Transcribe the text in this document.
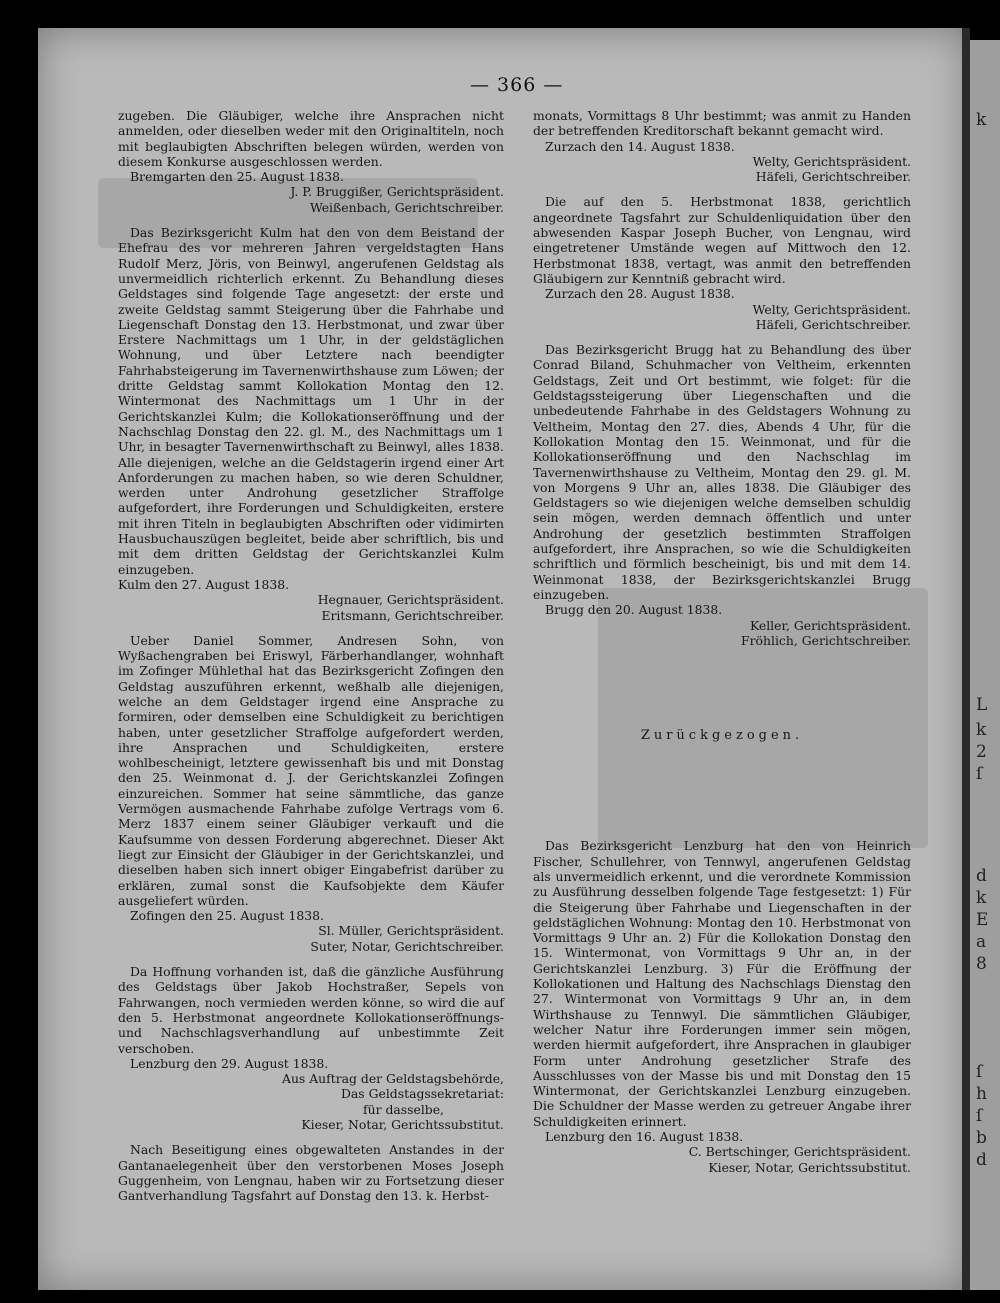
k
L
k
2
ſ
d
k
E
a
8
ſ
h
ſ
b
d
— 366 —

zugeben. Die Gläubiger, welche ihre Ansprachen nicht anmelden, oder dieselben weder mit den Originaltiteln, noch mit beglaubigten Abschriften belegen würden, werden von diesem Konkurse ausgeschlossen werden.

Bremgarten den 25. August 1838.

J. P. Bruggißer, Gerichtspräsident.

Weißenbach, Gerichtschreiber.

Das Bezirksgericht Kulm hat den von dem Beistand der Ehefrau des vor mehreren Jahren vergeldstagten Hans Rudolf Merz, Jöris, von Beinwyl, angerufenen Geldstag als unvermeidlich richterlich erkennt. Zu Behandlung dieses Geldstages sind folgende Tage angesetzt: der erste und zweite Geldstag sammt Steigerung über die Fahrhabe und Liegenschaft Donstag den 13. Herbstmonat, und zwar über Erstere Nachmittags um 1 Uhr, in der geldstäglichen Wohnung, und über Letztere nach beendigter Fahrhabsteigerung im Tavernenwirthshause zum Löwen; der dritte Geldstag sammt Kollokation Montag den 12. Wintermonat des Nachmittags um 1 Uhr in der Gerichtskanzlei Kulm; die Kollokationseröffnung und der Nachschlag Donstag den 22. gl. M., des Nachmittags um 1 Uhr, in besagter Tavernenwirthschaft zu Beinwyl, alles 1838. Alle diejenigen, welche an die Geldstagerin irgend einer Art Anforderungen zu machen haben, so wie deren Schuldner, werden unter Androhung gesetzlicher Straffolge aufgefordert, ihre Forderungen und Schuldigkeiten, erstere mit ihren Titeln in beglaubigten Abschriften oder vidimirten Hausbuchauszügen begleitet, beide aber schriftlich, bis und mit dem dritten Geldstag der Gerichtskanzlei Kulm einzugeben.

Kulm den 27. August 1838.

Hegnauer, Gerichtspräsident.

Eritsmann, Gerichtschreiber.

Ueber Daniel Sommer, Andresen Sohn, von Wyßachengraben bei Eriswyl, Färberhandlanger, wohnhaft im Zofinger Mühlethal hat das Bezirksgericht Zofingen den Geldstag auszuführen erkennt, weßhalb alle diejenigen, welche an dem Geldstager irgend eine Ansprache zu formiren, oder demselben eine Schuldigkeit zu berichtigen haben, unter gesetzlicher Straffolge aufgefordert werden, ihre Ansprachen und Schuldigkeiten, erstere wohlbescheinigt, letztere gewissenhaft bis und mit Donstag den 25. Weinmonat d. J. der Gerichtskanzlei Zofingen einzureichen. Sommer hat seine sämmtliche, das ganze Vermögen ausmachende Fahrhabe zufolge Vertrags vom 6. Merz 1837 einem seiner Gläubiger verkauft und die Kaufsumme von dessen Forderung abgerechnet. Dieser Akt liegt zur Einsicht der Gläubiger in der Gerichtskanzlei, und dieselben haben sich innert obiger Eingabefrist darüber zu erklären, zumal sonst die Kaufsobjekte dem Käufer ausgeliefert würden.

Zofingen den 25. August 1838.

Sl. Müller, Gerichtspräsident.

Suter, Notar, Gerichtschreiber.

Da Hoffnung vorhanden ist, daß die gänzliche Ausführung des Geldstags über Jakob Hochstraßer, Sepels von Fahrwangen, noch vermieden werden könne, so wird die auf den 5. Herbstmonat angeordnete Kollokationseröffnungs- und Nachschlagsverhandlung auf unbestimmte Zeit verschoben.

Lenzburg den 29. August 1838.

Aus Auftrag der Geldstagsbehörde,

Das Geldstagssekretariat:

für dasselbe,

Kieser, Notar, Gerichtssubstitut.

Nach Beseitigung eines obgewalteten Anstandes in der Gantanaelegenheit über den verstorbenen Moses Joseph Guggenheim, von Lengnau, haben wir zu Fortsetzung dieser Gantverhandlung Tagsfahrt auf Donstag den 13. k. Herbst-

monats, Vormittags 8 Uhr bestimmt; was anmit zu Handen der betreffenden Kreditorschaft bekannt gemacht wird.

Zurzach den 14. August 1838.

Welty, Gerichtspräsident.

Häfeli, Gerichtschreiber.

Die auf den 5. Herbstmonat 1838, gerichtlich angeordnete Tagsfahrt zur Schuldenliquidation über den abwesenden Kaspar Joseph Bucher, von Lengnau, wird eingetretener Umstände wegen auf Mittwoch den 12. Herbstmonat 1838, vertagt, was anmit den betreffenden Gläubigern zur Kenntniß gebracht wird.

Zurzach den 28. August 1838.

Welty, Gerichtspräsident.

Häfeli, Gerichtschreiber.

Das Bezirksgericht Brugg hat zu Behandlung des über Conrad Biland, Schuhmacher von Veltheim, erkennten Geldstags, Zeit und Ort bestimmt, wie folget: für die Geldstagssteigerung über Liegenschaften und die unbedeutende Fahrhabe in des Geldstagers Wohnung zu Veltheim, Montag den 27. dies, Abends 4 Uhr, für die Kollokation Montag den 15. Weinmonat, und für die Kollokationseröffnung und den Nachschlag im Tavernenwirthshause zu Veltheim, Montag den 29. gl. M. von Morgens 9 Uhr an, alles 1838. Die Gläubiger des Geldstagers so wie diejenigen welche demselben schuldig sein mögen, werden demnach öffentlich und unter Androhung der gesetzlich bestimmten Straffolgen aufgefordert, ihre Ansprachen, so wie die Schuldigkeiten schriftlich und förmlich bescheinigt, bis und mit dem 14. Weinmonat 1838, der Bezirksgerichtskanzlei Brugg einzugeben.

Brugg den 20. August 1838.

Keller, Gerichtspräsident.

Fröhlich, Gerichtschreiber.

Zurückgezogen.

Das Bezirksgericht Lenzburg hat den von Heinrich Fischer, Schullehrer, von Tennwyl, angerufenen Geldstag als unvermeidlich erkennt, und die verordnete Kommission zu Ausführung desselben folgende Tage festgesetzt: 1) Für die Steigerung über Fahrhabe und Liegenschaften in der geldstäglichen Wohnung: Montag den 10. Herbstmonat von Vormittags 9 Uhr an. 2) Für die Kollokation Donstag den 15. Wintermonat, von Vormittags 9 Uhr an, in der Gerichtskanzlei Lenzburg. 3) Für die Eröffnung der Kollokationen und Haltung des Nachschlags Dienstag den 27. Wintermonat von Vormittags 9 Uhr an, in dem Wirthshause zu Tennwyl. Die sämmtlichen Gläubiger, welcher Natur ihre Forderungen immer sein mögen, werden hiermit aufgefordert, ihre Ansprachen in glaubiger Form unter Androhung gesetzlicher Strafe des Ausschlusses von der Masse bis und mit Donstag den 15 Wintermonat, der Gerichtskanzlei Lenzburg einzugeben. Die Schuldner der Masse werden zu getreuer Angabe ihrer Schuldigkeiten erinnert.

Lenzburg den 16. August 1838.

C. Bertschinger, Gerichtspräsident.

Kieser, Notar, Gerichtssubstitut.
